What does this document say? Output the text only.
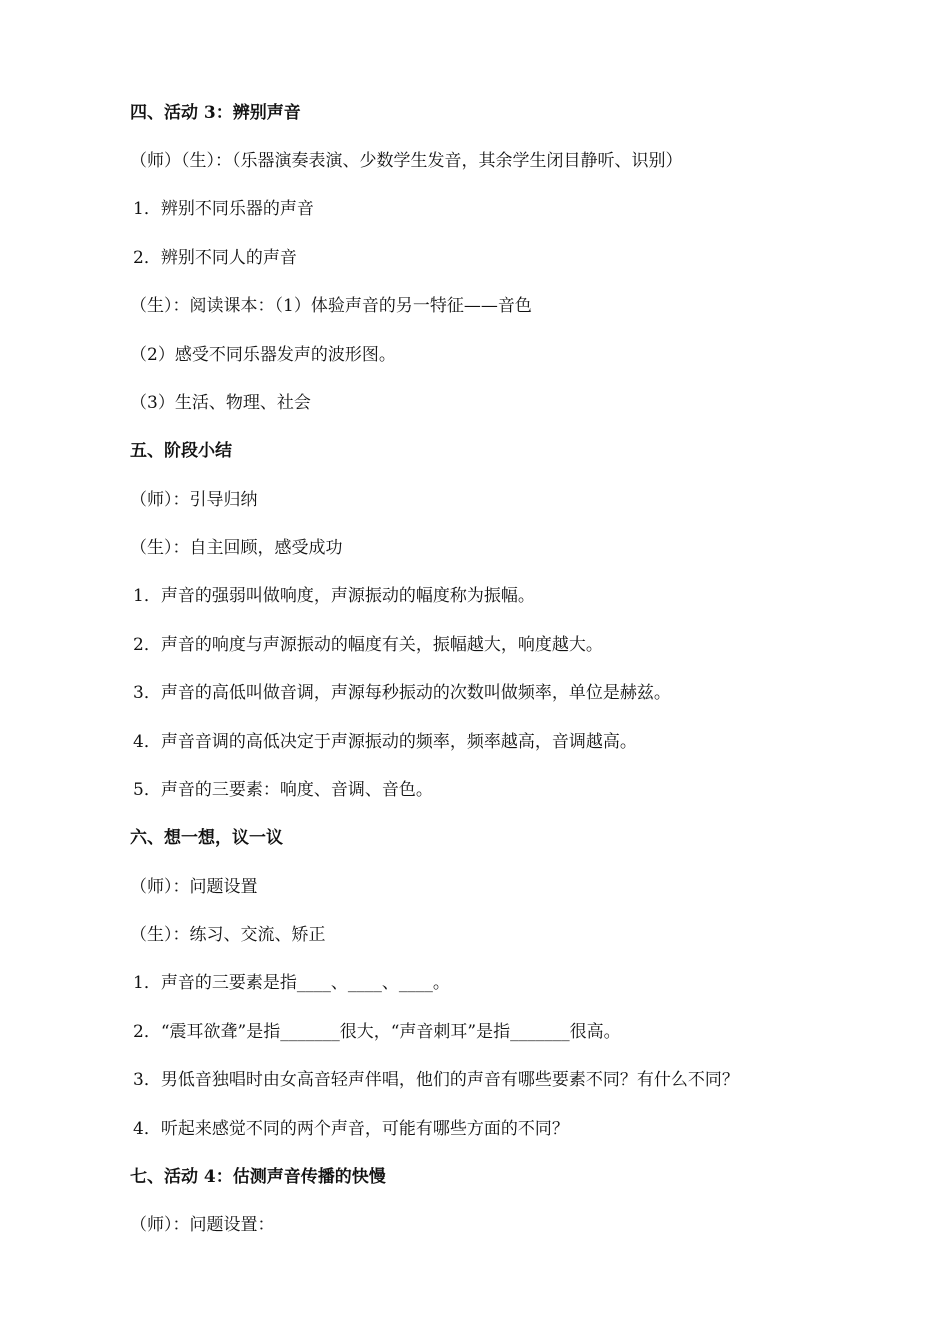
四、活动 3：辨别声音
（师）（生）：（乐器演奏表演、少数学生发音，其余学生闭目静听、识别）
1．辨别不同乐器的声音
2．辨别不同人的声音
（生）：阅读课本：（1）体验声音的另一特征——音色
（2）感受不同乐器发声的波形图。
（3）生活、物理、社会
五、阶段小结
（师）：引导归纳
（生）：自主回顾，感受成功
1．声音的强弱叫做响度，声源振动的幅度称为振幅。
2．声音的响度与声源振动的幅度有关，振幅越大，响度越大。
3．声音的高低叫做音调，声源每秒振动的次数叫做频率，单位是赫兹。
4．声音音调的高低决定于声源振动的频率，频率越高，音调越高。
5．声音的三要素：响度、音调、音色。
六、想一想，议一议
（师）：问题设置
（生）：练习、交流、矫正
1．声音的三要素是指____、____、____。
2．“震耳欲聋”是指_______很大，“声音刺耳”是指_______很高。
3．男低音独唱时由女高音轻声伴唱，他们的声音有哪些要素不同？有什么不同？
4．听起来感觉不同的两个声音，可能有哪些方面的不同？
七、活动 4：估测声音传播的快慢
（师）：问题设置：
